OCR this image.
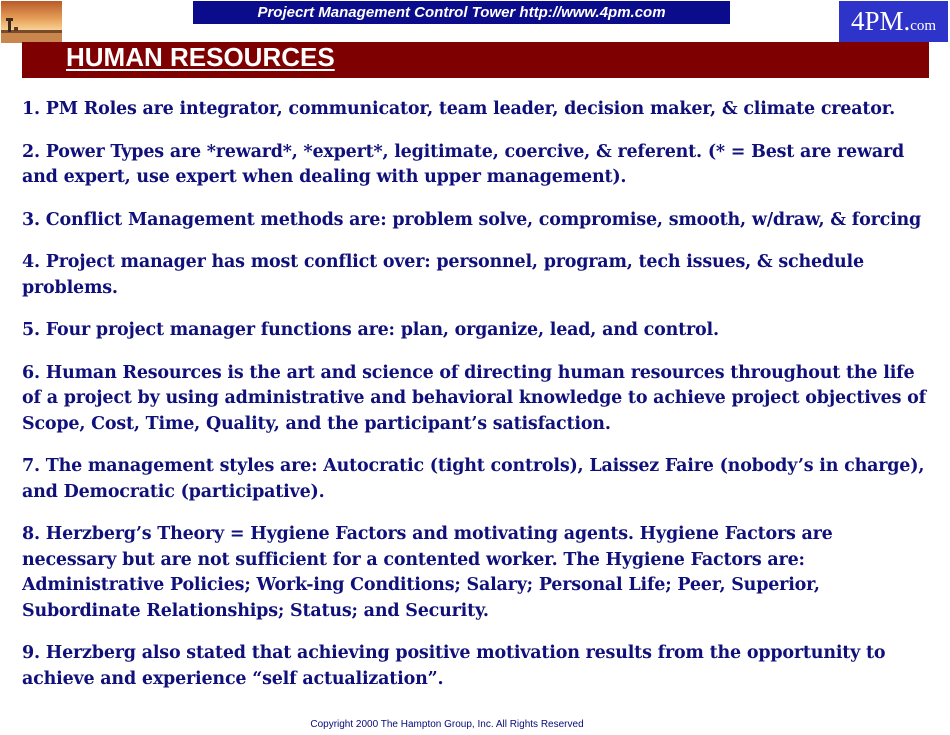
Projecrt Management Control Tower http://www.4pm.com	4PM.com
HUMAN RESOURCES
1. PM Roles are integrator, communicator, team leader, decision maker, & climate creator.
2. Power Types are *reward*, *expert*, legitimate, coercive, & referent. (* = Best are reward and expert, use expert when dealing with upper management).
3. Conflict Management methods are: problem solve, compromise, smooth, w/draw, & forcing
4. Project manager has most conflict over: personnel, program, tech issues, & schedule problems.
5. Four project manager functions are: plan, organize, lead, and control.
6. Human Resources is the art and science of directing human resources throughout the life of a project by using administrative and behavioral knowledge to achieve project objectives of Scope, Cost, Time, Quality, and the participant’s satisfaction.
7. The management styles are: Autocratic (tight controls), Laissez Faire (nobody’s in charge), and Democratic (participative).
8. Herzberg’s Theory = Hygiene Factors and motivating agents. Hygiene Factors are necessary but are not sufficient for a contented worker. The Hygiene Factors are: Administrative Policies; Work-ing Conditions; Salary; Personal Life; Peer, Superior, Subordinate Relationships; Status; and Security.
9. Herzberg also stated that achieving positive motivation results from the opportunity to achieve and experience “self actualization”.
Copyright 2000 The Hampton Group, Inc. All Rights Reserved
